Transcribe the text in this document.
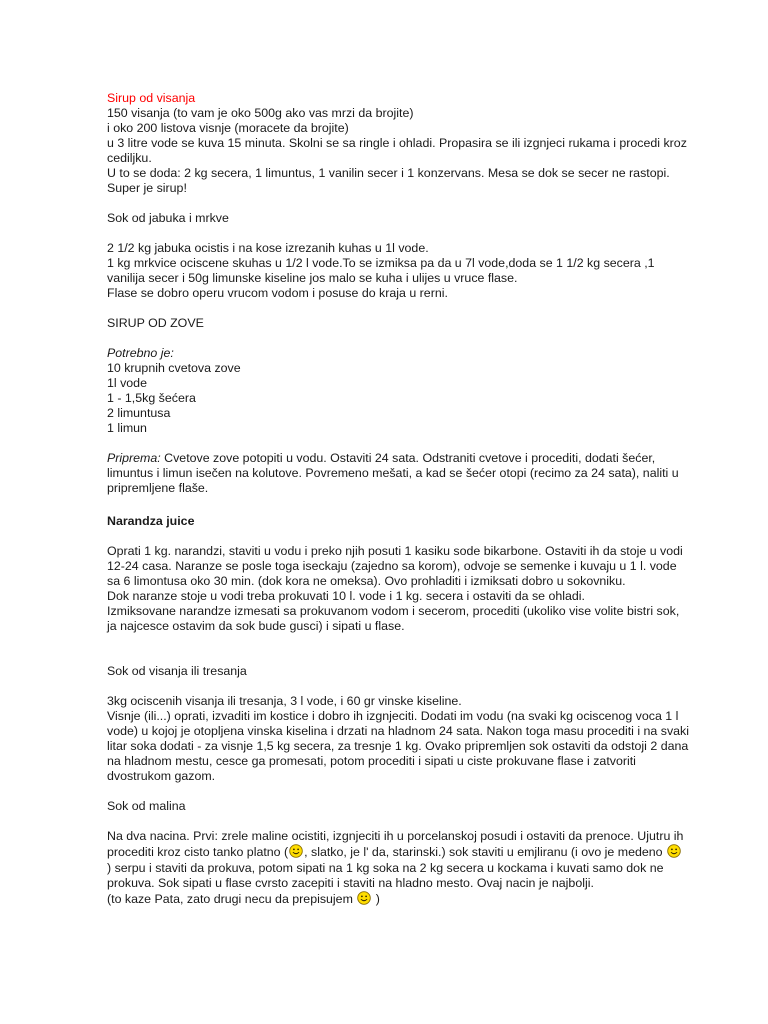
Sirup od visanja
150 visanja (to vam je oko 500g ako vas mrzi da brojite)
i oko 200 listova visnje (moracete da brojite)
u 3 litre vode se kuva 15 minuta. Skolni se sa ringle i ohladi. Propasira se ili izgnjeci rukama i procedi kroz
cediljku.
U to se doda: 2 kg secera, 1 limuntus, 1 vanilin secer i 1 konzervans. Mesa se dok se secer ne rastopi.
Super je sirup!
Sok od jabuka i mrkve
2 1/2 kg jabuka ocistis i na kose izrezanih kuhas u 1l vode.
1 kg mrkvice ociscene skuhas u 1/2 l vode.To se izmiksa pa da u 7l vode,doda se 1 1/2 kg secera ,1
vanilija secer i 50g limunske kiseline jos malo se kuha i ulijes u vruce flase.
Flase se dobro operu vrucom vodom i posuse do kraja u rerni.
SIRUP OD ZOVE
Potrebno je:
10 krupnih cvetova zove
1l vode
1 - 1,5kg šećera
2 limuntusa
1 limun
Priprema: Cvetove zove potopiti u vodu. Ostaviti 24 sata. Odstraniti cvetove i procediti, dodati šećer,
limuntus i limun isečen na kolutove. Povremeno mešati, a kad se šećer otopi (recimo za 24 sata), naliti u
pripremljene flaše.
Narandza juice
Oprati 1 kg. narandzi, staviti u vodu i preko njih posuti 1 kasiku sode bikarbone. Ostaviti ih da stoje u vodi
12-24 casa. Naranze se posle toga iseckaju (zajedno sa korom), odvoje se semenke i kuvaju u 1 l. vode
sa 6 limontusa oko 30 min. (dok kora ne omeksa). Ovo prohladiti i izmiksati dobro u sokovniku.
Dok naranze stoje u vodi treba prokuvati 10 l. vode i 1 kg. secera i ostaviti da se ohladi.
Izmiksovane narandze izmesati sa prokuvanom vodom i secerom, procediti (ukoliko vise volite bistri sok,
ja najcesce ostavim da sok bude gusci) i sipati u flase.
Sok od visanja ili tresanja
3kg ociscenih visanja ili tresanja, 3 l vode, i 60 gr vinske kiseline.
Visnje (ili...) oprati, izvaditi im kostice i dobro ih izgnjeciti. Dodati im vodu (na svaki kg ociscenog voca 1 l
vode) u kojoj je otopljena vinska kiselina i drzati na hladnom 24 sata. Nakon toga masu procediti i na svaki
litar soka dodati - za visnje 1,5 kg secera, za tresnje 1 kg. Ovako pripremljen sok ostaviti da odstoji 2 dana
na hladnom mestu, cesce ga promesati, potom procediti i sipati u ciste prokuvane flase i zatvoriti
dvostrukom gazom.
Sok od malina
Na dva nacina. Prvi: zrele maline ocistiti, izgnjeciti ih u porcelanskoj posudi i ostaviti da prenoce. Ujutru ih
procediti kroz cisto tanko platno ( , slatko, je l' da, starinski.) sok staviti u emjliranu (i ovo je medeno
) serpu i staviti da prokuva, potom sipati na 1 kg soka na 2 kg secera u kockama i kuvati samo dok ne
prokuva. Sok sipati u flase cvrsto zacepiti i staviti na hladno mesto. Ovaj nacin je najbolji.
(to kaze Pata, zato drugi necu da prepisujem )
